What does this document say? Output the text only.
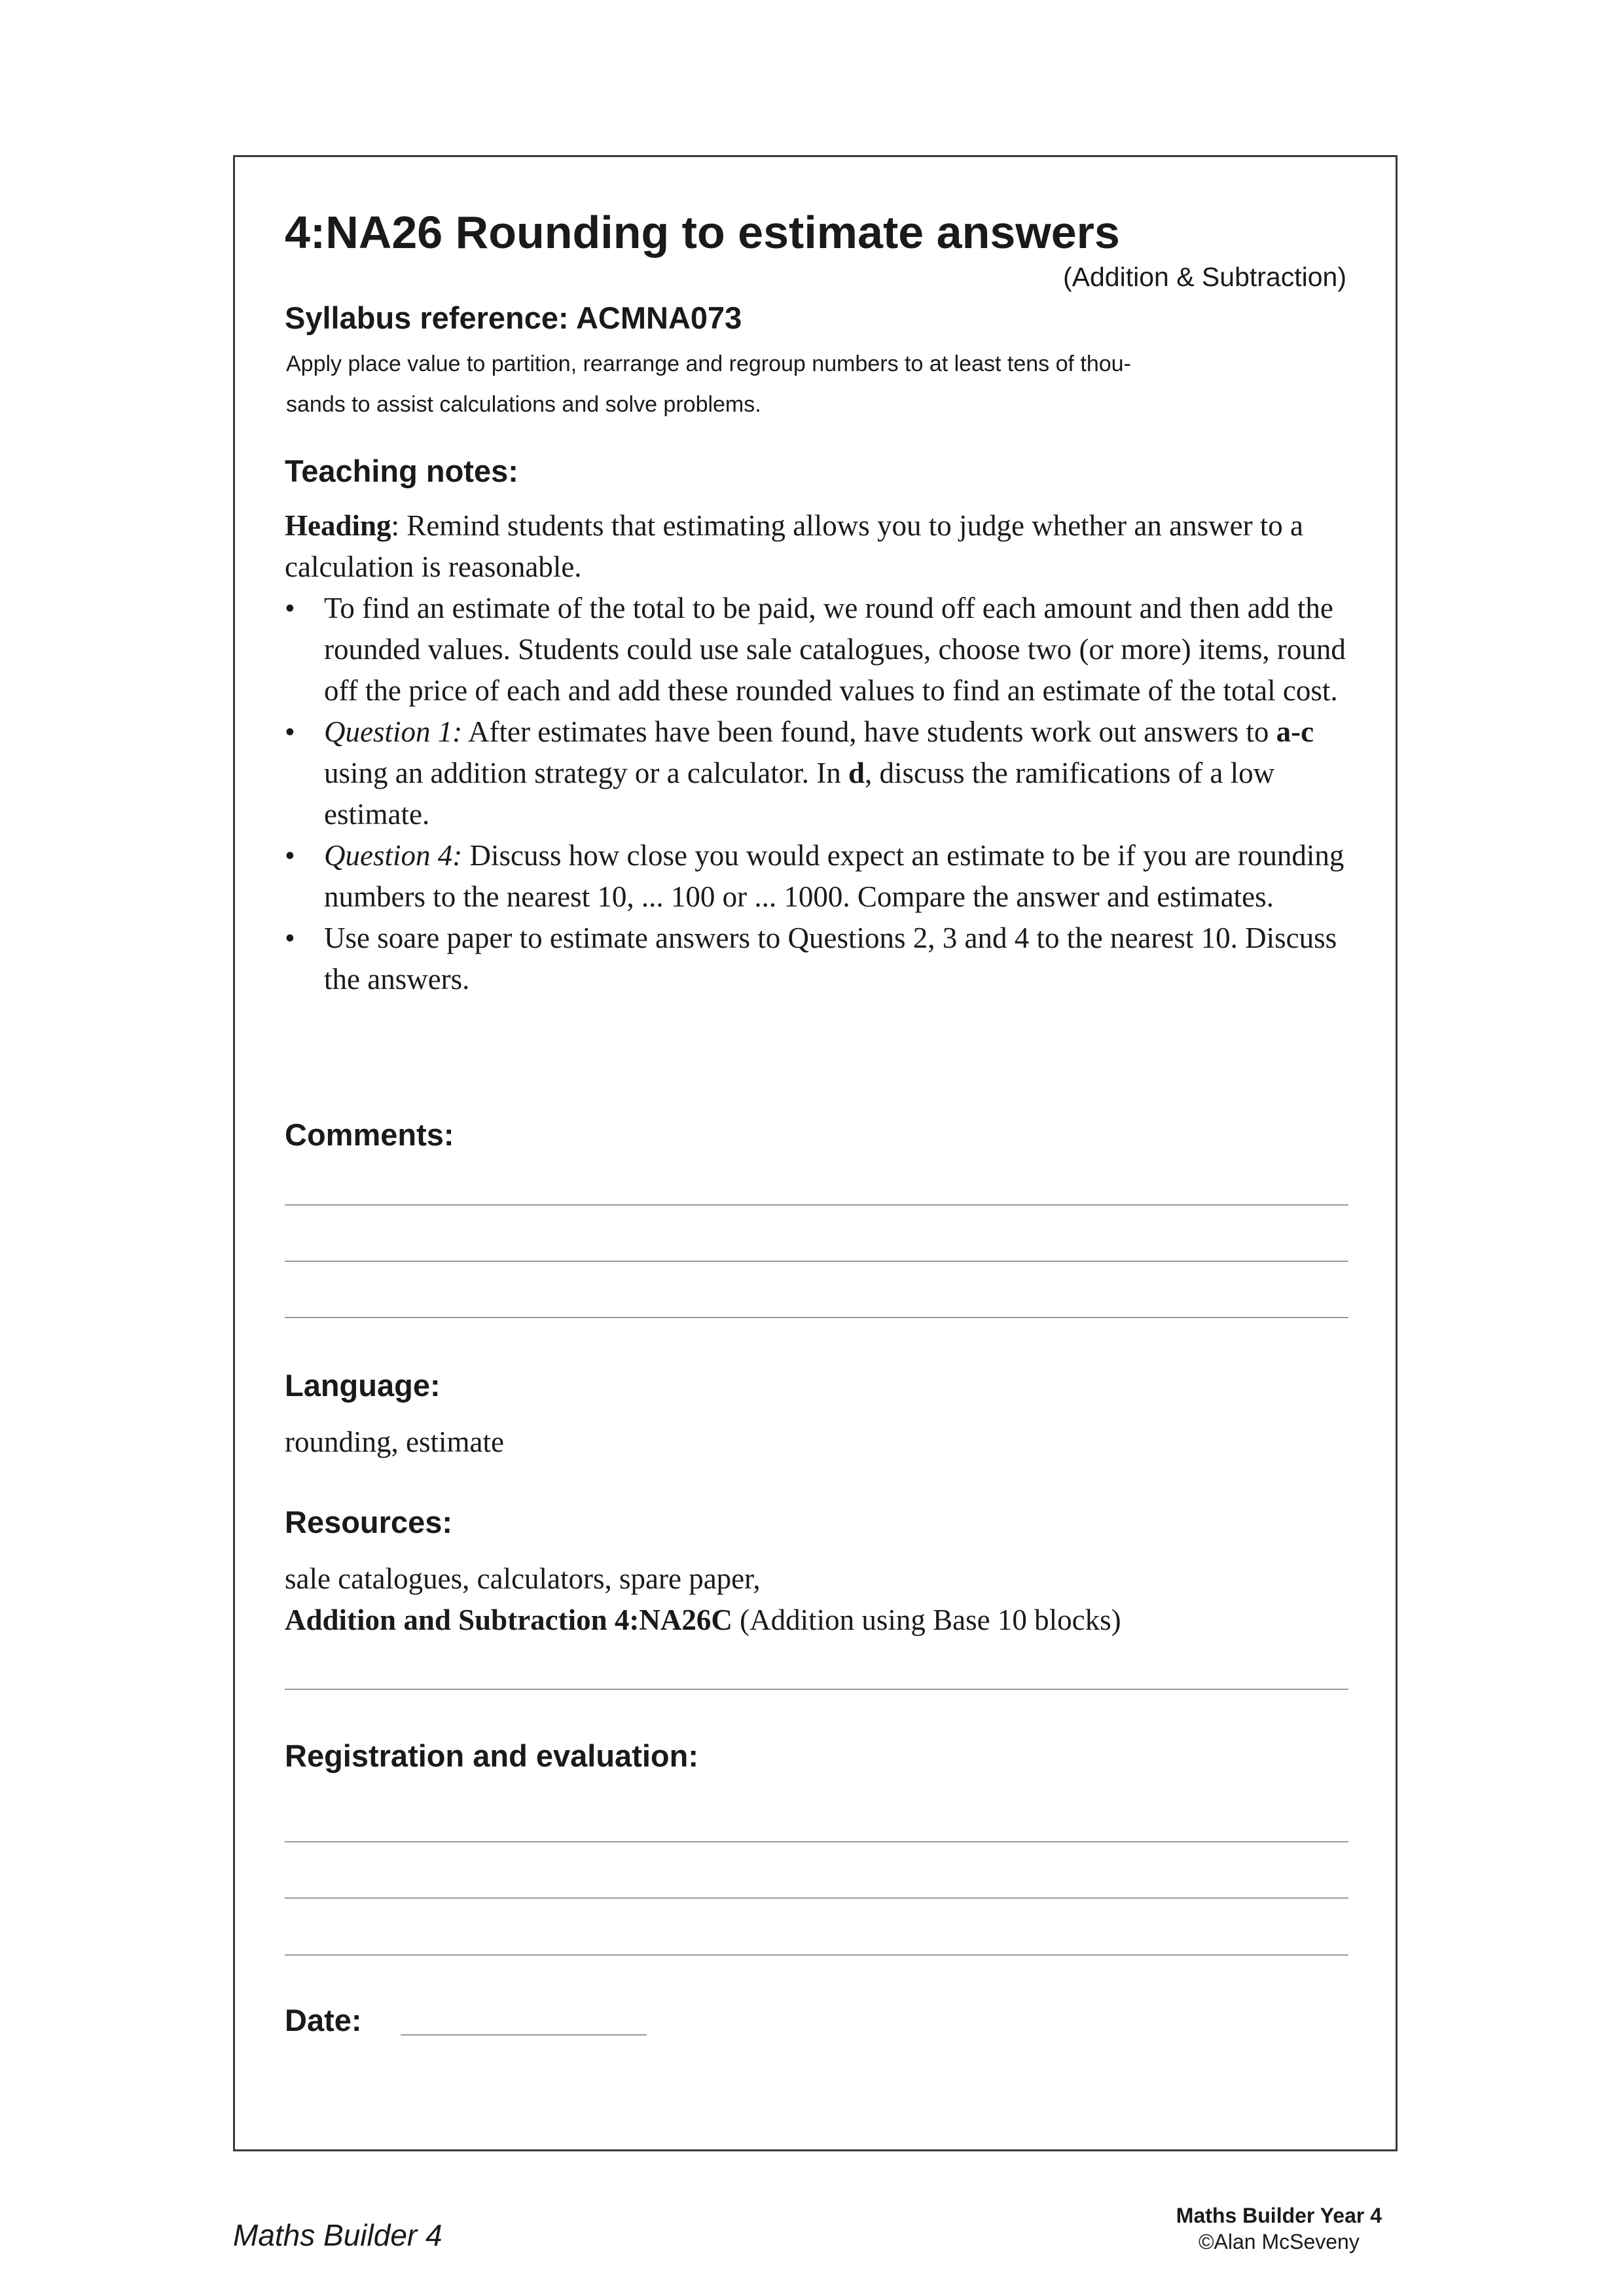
4:NA26 Rounding to estimate answers
(Addition & Subtraction)
Syllabus reference: ACMNA073
Apply place value to partition, rearrange and regroup numbers to at least tens of thou-
sands to assist calculations and solve problems.
Teaching notes:

Heading: Remind students that estimating allows you to judge whether an answer to a calculation is reasonable.

• To find an estimate of the total to be paid, we round off each amount and then add the rounded values. Students could use sale catalogues, choose two (or more) items, round off the price of each and add these rounded values to find an estimate of the total cost.
• Question 1: After estimates have been found, have students work out answers to a-c using an addition strategy or a calculator. In d, discuss the ramifications of a low estimate.
• Question 4: Discuss how close you would expect an estimate to be if you are rounding numbers to the nearest 10, ... 100 or ... 1000. Compare the answer and estimates.
• Use soare paper to estimate answers to Questions 2, 3 and 4 to the nearest 10. Discuss the answers.
Comments:
Language:
rounding, estimate
Resources:
sale catalogues, calculators, spare paper,
Addition and Subtraction 4:NA26C (Addition using Base 10 blocks)
Registration and evaluation:
Date:
Maths Builder 4
Maths Builder Year 4
©Alan McSeveny
